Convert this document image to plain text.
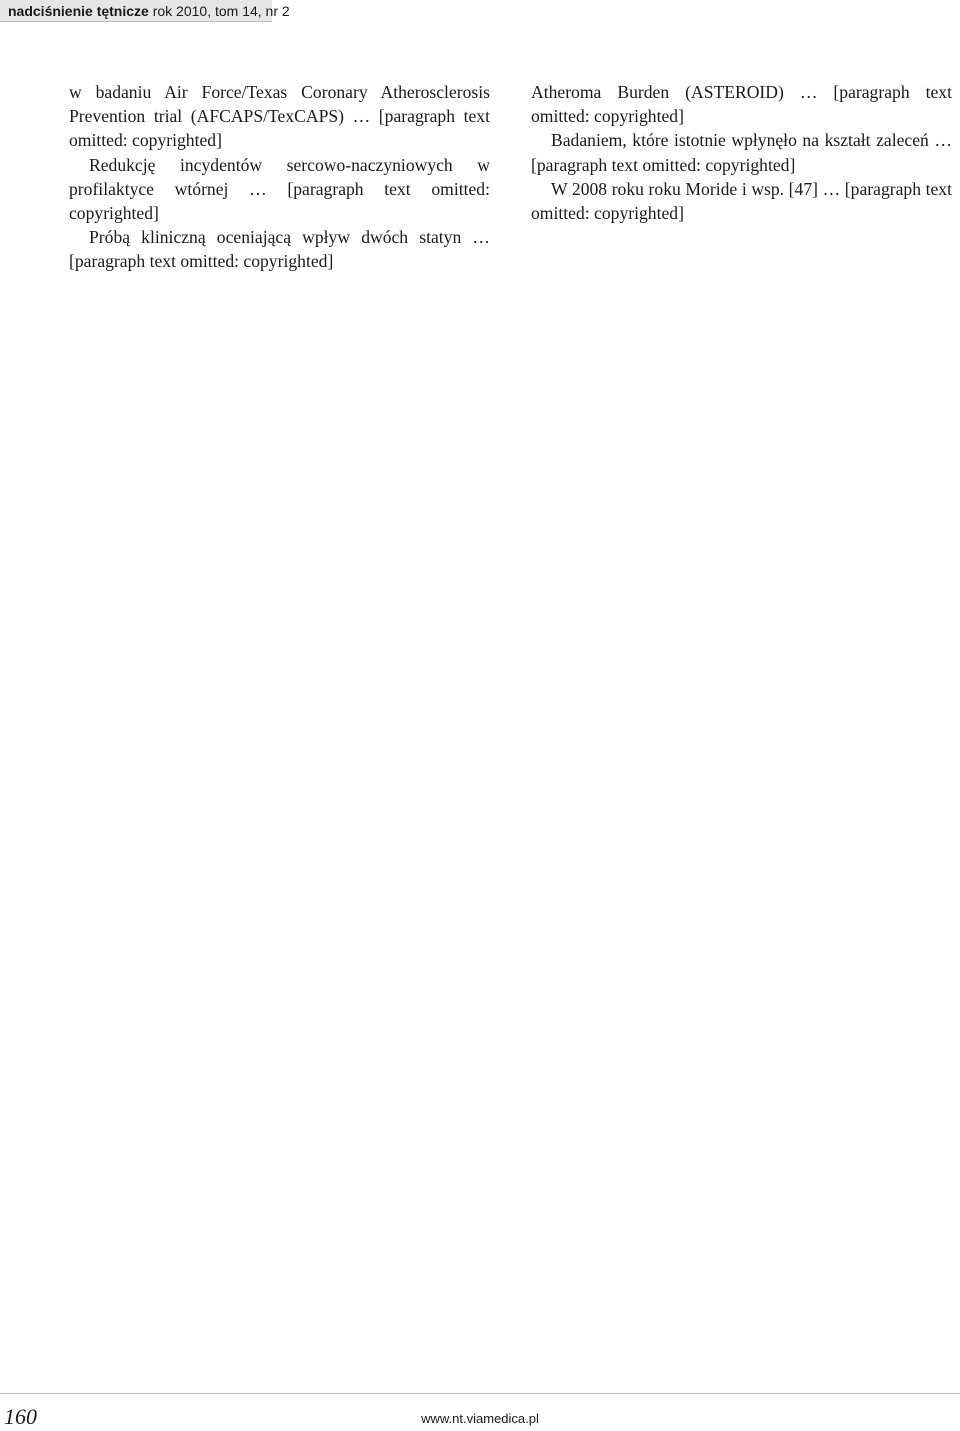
nadciśnienie tętnicze rok 2010, tom 14, nr 2

w badaniu Air Force/Texas Coronary Atherosclerosis Prevention trial (AFCAPS/TexCAPS) … [paragraph text omitted: copyrighted]

Redukcję incydentów sercowo-naczyniowych w profilaktyce wtórnej … [paragraph text omitted: copyrighted]

Próbą kliniczną oceniającą wpływ dwóch statyn … [paragraph text omitted: copyrighted]

Atheroma Burden (ASTEROID) … [paragraph text omitted: copyrighted]

Badaniem, które istotnie wpłynęło na kształt zaleceń … [paragraph text omitted: copyrighted]

W 2008 roku roku Moride i wsp. [47] … [paragraph text omitted: copyrighted]

160	www.nt.viamedica.pl
